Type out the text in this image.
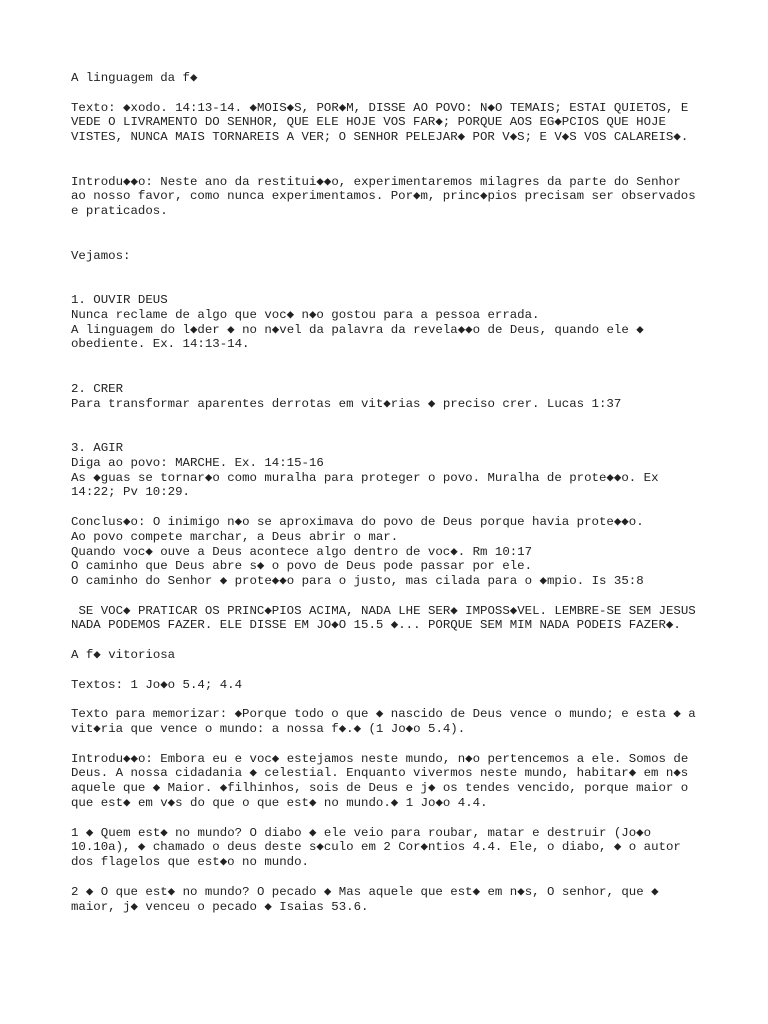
A linguagem da f◆

Texto: ◆xodo. 14:13-14. ◆MOIS◆S, POR◆M, DISSE AO POVO: N◆O TEMAIS; ESTAI QUIETOS, E VEDE O LIVRAMENTO DO SENHOR, QUE ELE HOJE VOS FAR◆; PORQUE AOS EG◆PCIOS QUE HOJE VISTES, NUNCA MAIS TORNAREIS A VER; O SENHOR PELEJAR◆ POR V◆S; E V◆S VOS CALAREIS◆.

Introdu◆◆o: Neste ano da restitui◆◆o, experimentaremos milagres da parte do Senhor ao nosso favor, como nunca experimentamos. Por◆m, princ◆pios precisam ser observados e praticados.

Vejamos:

1. OUVIR DEUS

Nunca reclame de algo que voc◆ n◆o gostou para a pessoa errada.

A linguagem do l◆der ◆ no n◆vel da palavra da revela◆◆o de Deus, quando ele ◆ obediente. Ex. 14:13-14.

2. CRER

Para transformar aparentes derrotas em vit◆rias ◆ preciso crer. Lucas 1:37

3. AGIR

Diga ao povo: MARCHE. Ex. 14:15-16

As ◆guas se tornar◆o como muralha para proteger o povo. Muralha de prote◆◆o. Ex 14:22; Pv 10:29.

Conclus◆o: O inimigo n◆o se aproximava do povo de Deus porque havia prote◆◆o.

Ao povo compete marchar, a Deus abrir o mar.

Quando voc◆ ouve a Deus acontece algo dentro de voc◆. Rm 10:17

O caminho que Deus abre s◆ o povo de Deus pode passar por ele.

O caminho do Senhor ◆ prote◆◆o para o justo, mas cilada para o ◆mpio. Is 35:8

SE VOC◆ PRATICAR OS PRINC◆PIOS ACIMA, NADA LHE SER◆ IMPOSS◆VEL. LEMBRE-SE SEM JESUS NADA PODEMOS FAZER. ELE DISSE EM JO◆O 15.5 ◆... PORQUE SEM MIM NADA PODEIS FAZER◆.

A f◆ vitoriosa

Textos: 1 Jo◆o 5.4; 4.4

Texto para memorizar: ◆Porque todo o que ◆ nascido de Deus vence o mundo; e esta ◆ a vit◆ria que vence o mundo: a nossa f◆.◆ (1 Jo◆o 5.4).

Introdu◆◆o: Embora eu e voc◆ estejamos neste mundo, n◆o pertencemos a ele. Somos de Deus. A nossa cidadania ◆ celestial. Enquanto vivermos neste mundo, habitar◆ em n◆s aquele que ◆ Maior. ◆filhinhos, sois de Deus e j◆ os tendes vencido, porque maior o que est◆ em v◆s do que o que est◆ no mundo.◆ 1 Jo◆o 4.4.

1 ◆ Quem est◆ no mundo? O diabo ◆ ele veio para roubar, matar e destruir (Jo◆o 10.10a), ◆ chamado o deus deste s◆culo em 2 Cor◆ntios 4.4. Ele, o diabo, ◆ o autor dos flagelos que est◆o no mundo.

2 ◆ O que est◆ no mundo? O pecado ◆ Mas aquele que est◆ em n◆s, O senhor, que ◆ maior, j◆ venceu o pecado ◆ Isaias 53.6.
